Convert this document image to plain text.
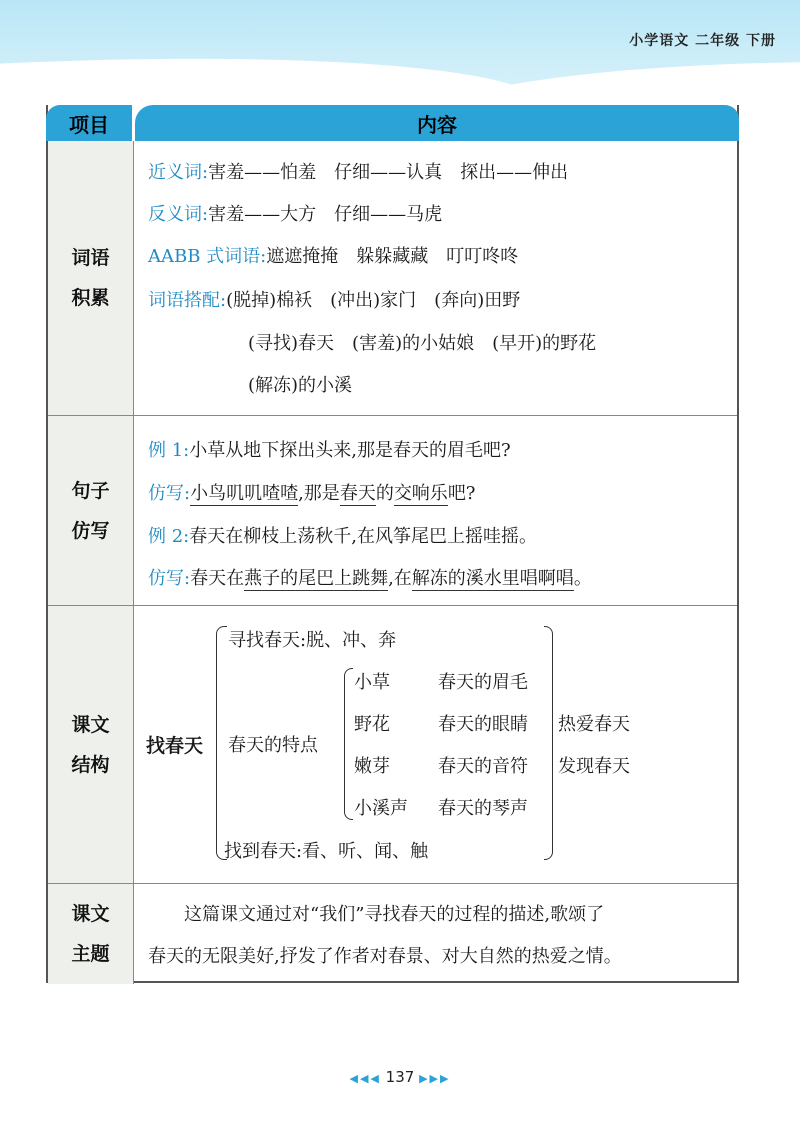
小学语文 二年级 下册
项目	内容
词语
积累
近义词:害羞——怕羞　仔细——认真　探出——伸出
反义词:害羞——大方　仔细——马虎
AABB 式词语:遮遮掩掩　躲躲藏藏　叮叮咚咚
词语搭配:(脱掉)棉袄　(冲出)家门　(奔向)田野
(寻找)春天　(害羞)的小姑娘　(早开)的野花
(解冻)的小溪
句子
仿写
例 1:小草从地下探出头来,那是春天的眉毛吧?
仿写:小鸟叽叽喳喳,那是春天的交响乐吧?
例 2:春天在柳枝上荡秋千,在风筝尾巴上摇哇摇。
仿写:春天在燕子的尾巴上跳舞,在解冻的溪水里唱啊唱。
课文
结构
找春天
寻找春天:脱、冲、奔
春天的特点
找到春天:看、听、闻、触
小草
野花
嫩芽
小溪声
春天的眉毛
春天的眼睛
春天的音符
春天的琴声
热爱春天
发现春天
课文
主题
这篇课文通过对“我们”寻找春天的过程的描述,歌颂了
春天的无限美好,抒发了作者对春景、对大自然的热爱之情。
◀◀◀ 137 ▶▶▶
